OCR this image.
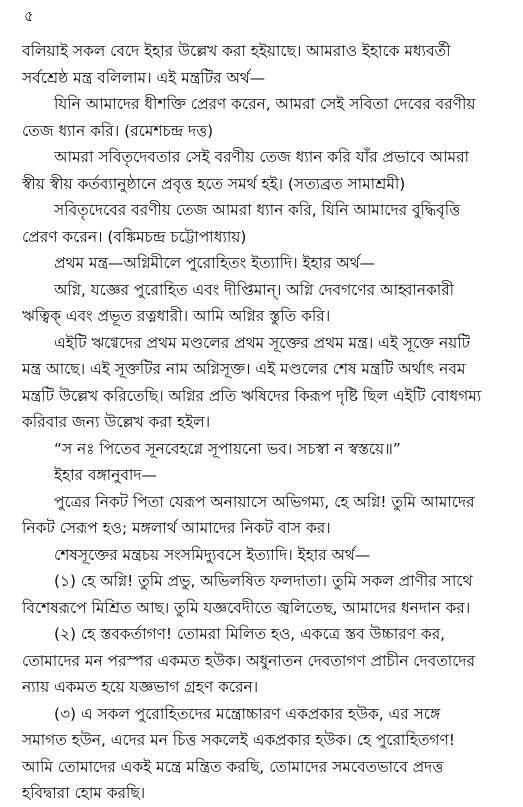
৫
বলিয়াই সকল বেদে ইহার উল্লেখ করা হইয়াছে। আমরাও ইহাকে মধ্যবর্তী
সর্বশ্রেষ্ঠ মন্ত্র বলিলাম। এই মন্ত্রটির অর্থ—
যিনি আমাদের ধীশক্তি প্রেরণ করেন, আমরা সেই সবিতা দেবের বরণীয়
তেজ ধ্যান করি। (রমেশচন্দ্র দত্ত)
আমরা সবিতৃদেবতার সেই বরণীয় তেজ ধ্যান করি যাঁর প্রভাবে আমরা
স্বীয় স্বীয় কর্তব্যানুষ্ঠানে প্রবৃত্ত হতে সমর্থ হই। (সত্যব্রত সামাশ্রমী)
সবিতৃদেবের বরণীয় তেজ আমরা ধ্যান করি, যিনি আমাদের বুদ্ধিবৃত্তি
প্রেরণ করেন। (বঙ্কিমচন্দ্র চট্টোপাধ্যায়)
প্রথম মন্ত্র—অগ্নিমীলে পুরোহিতং ইত্যাদি। ইহার অর্থ—
অগ্নি, যজ্ঞের পুরোহিত এবং দীপ্তিমান্। অগ্নি দেবগণের আহ্বানকারী
ঋত্বিক্ এবং প্রভূত রত্নধারী। আমি অগ্নির স্তুতি করি।
এইটি ঋগ্বেদের প্রথম মণ্ডলের প্রথম সূক্তের প্রথম মন্ত্র। এই সূক্তে নয়টি
মন্ত্র আছে। এই সূক্তটির নাম অগ্নিসূক্ত। এই মণ্ডলের শেষ মন্ত্রটি অর্থাৎ নবম
মন্ত্রটি উল্লেখ করিতেছি। অগ্নির প্রতি ঋষিদের কিরূপ দৃষ্টি ছিল এইটি বোধগম্য
করিবার জন্য উল্লেখ করা হইল।
“স নঃ পিতেব সূনবেহগ্নে সূপায়নো ভব। সচস্বা ন স্বস্তয়ে॥”
ইহার বঙ্গানুবাদ—
পুত্রের নিকট পিতা যেরূপ অনায়াসে অভিগম্য, হে অগ্নি! তুমি আমাদের
নিকট সেরূপ হও; মঙ্গলার্থ আমাদের নিকট বাস কর।
শেষসূক্তের মন্ত্রচয় সংসমিদ্যুবসে ইত্যাদি। ইহার অর্থ—
(১) হে অগ্নি! তুমি প্রভু, অভিলষিত ফলদাতা। তুমি সকল প্রাণীর সাথে
বিশেষরূপে মিশ্রিত আছ। তুমি যজ্ঞবেদীতে জ্বলিতেছ, আমাদের ধনদান কর।
(২) হে স্তবকর্তাগণ! তোমরা মিলিত হও, একত্রে স্তব উচ্চারণ কর,
তোমাদের মন পরস্পর একমত হউক। অধুনাতন দেবতাগণ প্রাচীন দেবতাদের
ন্যায় একমত হয়ে যজ্ঞভাগ গ্রহণ করেন।
(৩) এ সকল পুরোহিতদের মন্ত্রোচ্চারণ একপ্রকার হউক, এর সঙ্গে
সমাগত হউন, এদের মন চিত্ত সকলেই একপ্রকার হউক। হে পুরোহিতগণ!
আমি তোমাদের একই মন্ত্রে মন্ত্রিত করছি, তোমাদের সমবেতভাবে প্রদত্ত
হবিদ্বারা হোম করছি।
